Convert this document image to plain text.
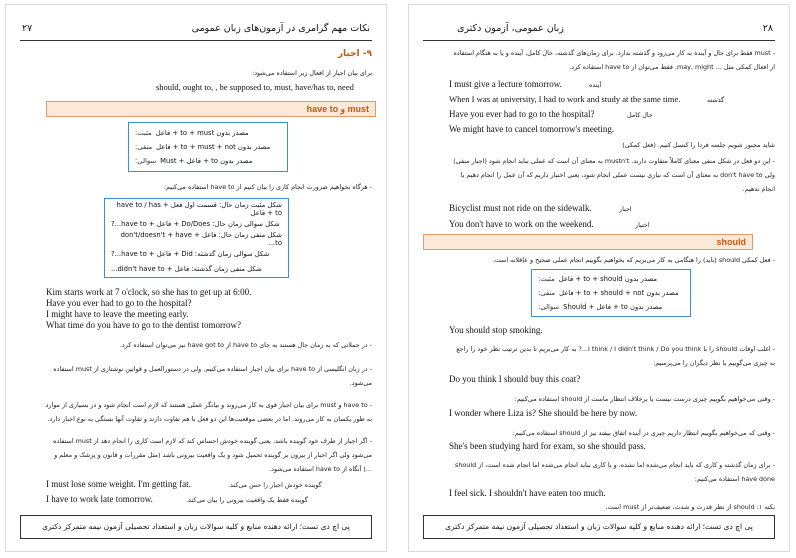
نکات مهم گرامری در آزمون‌های زبان عمومی
۲۷
۹- اجبار
برای بیان اجبار از افعال زیر استفاده می‌شود:
should, ought to, , be supposed to, must, have/has to, need
have to و must
مصدر بدون to + must + فاعل
مثبت:
مصدر بدون to + must + not + فاعل
منفی:
مصدر بدون to + فاعل + Must
سوالی:
- هرگاه بخواهیم ضرورت انجام کاری را بیان کنیم از have to استفاده می‌کنیم:
شکل مثبت زمان حال: قسمت اول فعل + have to / has to + فاعل
شکل سوالی زمان حال: Do/Does + فاعل + have to...?
شکل منفی زمان حال: فاعل + don't/doesn't + have to...
شکل سوالی زمان گذشته: Did + فاعل + have to...?
شکل منفی زمان گذشته: فاعل + didn't have to...
Kim starts work at 7 o'clock, so she has to get up at 6:00.
Have you ever had to go to the hospital?
I might have to leave the meeting early.
What time do you have to go to the dentist tomorrow?
- در جملاتی که به زمان حال هستند به جای have to از have got to نیز می‌توان استفاده کرد.
- در زبان انگلیسی از have to برای بیان اجبار استفاده می‌کنیم. ولی در دستورالعمل و قوانین نوشتاری از must استفاده
می‌شود.
- have to و must برای بیان اجبار قوی به کار می‌روند و بیانگر عملی هستند که لازم است انجام شود و در بسیاری از موارد
به طور یکسان به کار می‌روند. اما در بعضی موقعیت‌ها این دو فعل با هم تفاوت دارند و تفاوت آنها بستگی به نوع اجبار دارد.
- اگر اجبار از طرف خود گوینده باشد، یعنی گوینده خودش احساس کند که لازم است کاری را انجام دهد از must استفاده
می‌شود ولی اگر اجبار از بیرون بر گوینده تحمیل شود و یک واقعیت بیرونی باشد (مثل مقررات و قانون و پزشک و معلم و
...) آنگاه از have to استفاده می‌شود.
I must lose some weight. I'm getting fat.	گوینده خودش اجبار را حس می‌کند.
I have to work late tomorrow.	گوینده فقط یک واقعیت بیرونی را بیان می‌کند.
پی اچ دی تست؛ ارائه دهنده منابع و کلیه سوالات زبان و استعداد تحصیلی آزمون نیمه متمرکز دکتری
زبان عمومی، آزمون دکتری	۲۸
- must فقط برای حال و آینده به کار می‌رود و گذشته ندارد. برای زمان‌های گذشته، حال کامل، آینده و یا به هنگام استفاده
از افعال کمکی مثل ... may, might, فقط می‌توان از have to استفاده کرد.
I must give a lecture tomorrow.	آینده
When I was at university, I had to work and study at the same time.	گذشته
Have you ever had to go to the hospital?	حال کامل
We might have to cancel tomorrow's meeting.
شاید مجبور شویم جلسه فردا را کنسل کنیم. (فعل کمکی)
- این دو فعل در شکل منفی معنای کاملاً متفاوت دارند. mustn't به معنای آن است که عملی نباید انجام شود (اجبار منفی)
ولی don't have to به معنای آن است که نیازی نیست عملی انجام شود، یعنی اختیار داریم که آن عمل را انجام دهیم یا
انجام ندهیم.
Bicyclist must not ride on the sidewalk.	اجبار
You don't have to work on the weekend.	اختیار
should
- فعل کمکی should (باید) را هنگامی به کار می‌بریم که بخواهیم بگوییم انجام عملی صحیح و عاقلانه است.
مصدر بدون to + should + فاعل
مثبت:
مصدر بدون to + should + not + فاعل
منفی:
مصدر بدون to + فاعل + Should
سوالی:
You should stop smoking.
- اغلب اوقات should را با I think / I didn't think / Do you think...? به کار می‌بریم تا بدین ترتیب نظر خود را راجع
به چیزی می‌گوییم یا نظر دیگران را می‌پرسیم:
Do you think I should buy this coat?
- وقتی می‌خواهیم بگوییم چیزی درست نیست یا برخلاف انتظار ماست از should استفاده می‌کنیم:
I wonder where Liza is? She should be here by now.
- وقتی که می‌خواهیم بگوییم انتظار داریم چیزی در آینده اتفاق بیفتد نیز از should استفاده می‌کنیم:
She's been studying hard for exam, so she should pass.
- برای زمان گذشته و کاری که باید انجام می‌شده اما نشده، و یا کاری نباید انجام می‌شده اما انجام شده است، از should
have done استفاده می‌کنیم:
I feel sick. I shouldn't have eaten too much.
نکته ۱: should از نظر قدرت و شدت، ضعیف‌تر از must است.
پی اچ دی تست؛ ارائه دهنده منابع و کلیه سوالات زبان و استعداد تحصیلی آزمون نیمه متمرکز دکتری
